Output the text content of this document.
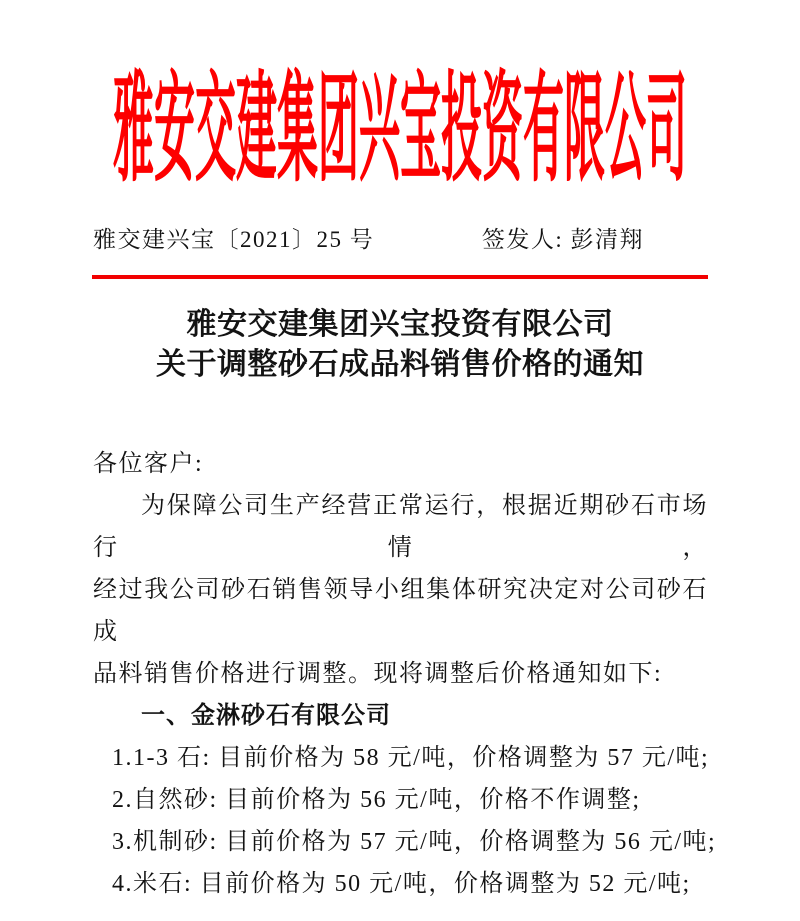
雅安交建集团兴宝投资有限公司
雅交建兴宝〔2021〕25 号	签发人: 彭清翔
雅安交建集团兴宝投资有限公司
关于调整砂石成品料销售价格的通知
各位客户:
为保障公司生产经营正常运行，根据近期砂石市场行情，
经过我公司砂石销售领导小组集体研究决定对公司砂石成
品料销售价格进行调整。现将调整后价格通知如下:
一、金淋砂石有限公司
1.1-3 石: 目前价格为 58 元/吨，价格调整为 57 元/吨;
2.自然砂: 目前价格为 56 元/吨，价格不作调整;
3.机制砂: 目前价格为 57 元/吨，价格调整为 56 元/吨;
4.米石: 目前价格为 50 元/吨，价格调整为 52 元/吨;
